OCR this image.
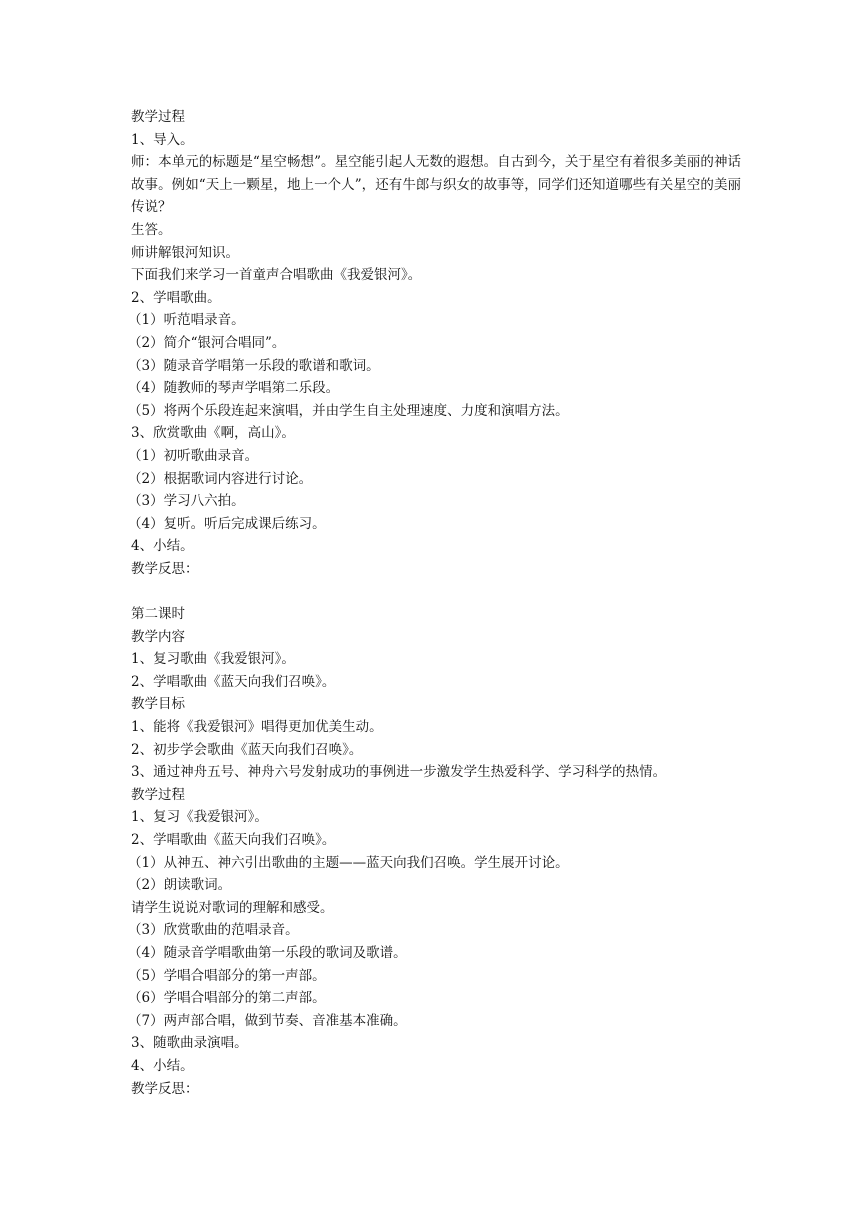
教学过程
1、导入。
师：本单元的标题是“星空畅想”。星空能引起人无数的遐想。自古到今，关于星空有着很多美丽的神话故事。例如“天上一颗星，地上一个人”，还有牛郎与织女的故事等，同学们还知道哪些有关星空的美丽传说？
生答。
师讲解银河知识。
下面我们来学习一首童声合唱歌曲《我爱银河》。
2、学唱歌曲。
（1）听范唱录音。
（2）简介“银河合唱同”。
（3）随录音学唱第一乐段的歌谱和歌词。
（4）随教师的琴声学唱第二乐段。
（5）将两个乐段连起来演唱，并由学生自主处理速度、力度和演唱方法。
3、欣赏歌曲《啊，高山》。
（1）初听歌曲录音。
（2）根据歌词内容进行讨论。
（3）学习八六拍。
（4）复听。听后完成课后练习。
4、小结。
教学反思：
第二课时
教学内容
1、复习歌曲《我爱银河》。
2、学唱歌曲《蓝天向我们召唤》。
教学目标
1、能将《我爱银河》唱得更加优美生动。
2、初步学会歌曲《蓝天向我们召唤》。
3、通过神舟五号、神舟六号发射成功的事例进一步激发学生热爱科学、学习科学的热情。
教学过程
1、复习《我爱银河》。
2、学唱歌曲《蓝天向我们召唤》。
（1）从神五、神六引出歌曲的主题——蓝天向我们召唤。学生展开讨论。
（2）朗读歌词。
请学生说说对歌词的理解和感受。
（3）欣赏歌曲的范唱录音。
（4）随录音学唱歌曲第一乐段的歌词及歌谱。
（5）学唱合唱部分的第一声部。
（6）学唱合唱部分的第二声部。
（7）两声部合唱，做到节奏、音准基本准确。
3、随歌曲录演唱。
4、小结。
教学反思：
